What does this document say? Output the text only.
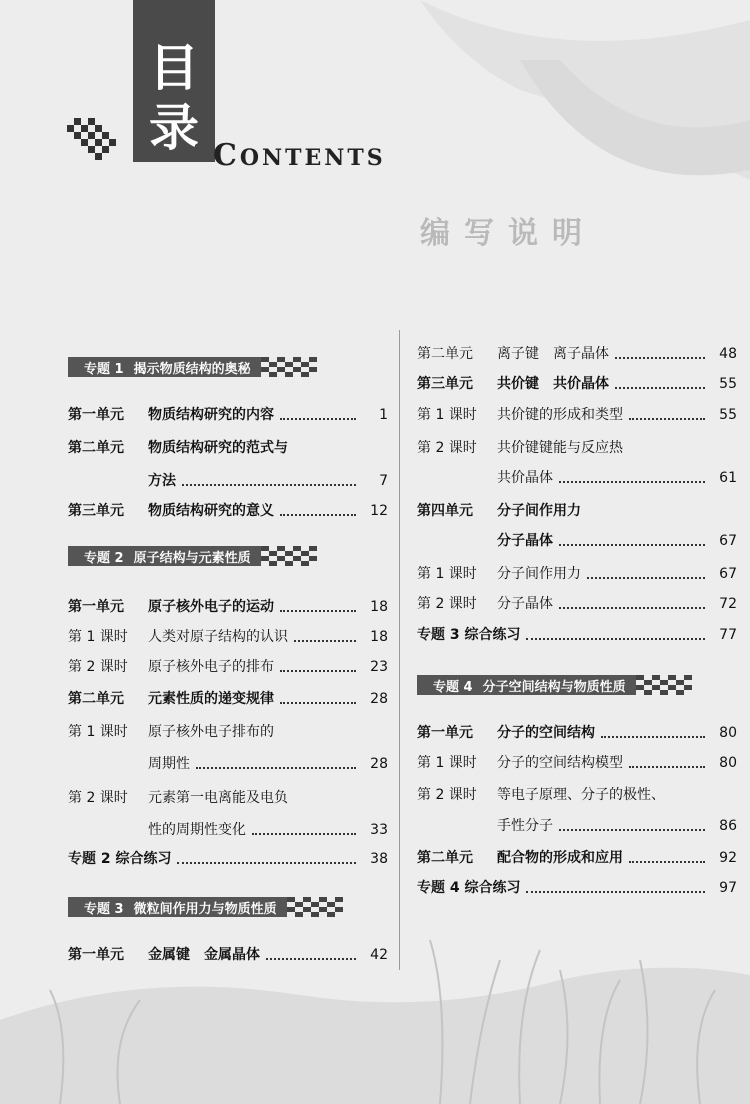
编写说明
目
录 CONTENTS
专题 1 揭示物质结构的奥秘
第一单元 物质结构研究的内容	1
第二单元 物质结构研究的范式与
方法	7
第三单元 物质结构研究的意义	12
专题 2 原子结构与元素性质
第一单元 原子核外电子的运动	18
第 1 课时 人类对原子结构的认识	18
第 2 课时 原子核外电子的排布	23
第二单元 元素性质的递变规律	28
第 1 课时 原子核外电子排布的
周期性	28
第 2 课时 元素第一电离能及电负
性的周期性变化	33
专题 2 综合练习	38
专题 3 微粒间作用力与物质性质
第一单元 金属键　金属晶体	42
第二单元 离子键　离子晶体	48
第三单元 共价键　共价晶体	55
第 1 课时 共价键的形成和类型	55
第 2 课时 共价键键能与反应热
共价晶体	61
第四单元 分子间作用力
分子晶体	67
第 1 课时 分子间作用力	67
第 2 课时 分子晶体	72
专题 3 综合练习	77
专题 4 分子空间结构与物质性质
第一单元 分子的空间结构	80
第 1 课时 分子的空间结构模型	80
第 2 课时 等电子原理、分子的极性、
手性分子	86
第二单元 配合物的形成和应用	92
专题 4 综合练习	97
